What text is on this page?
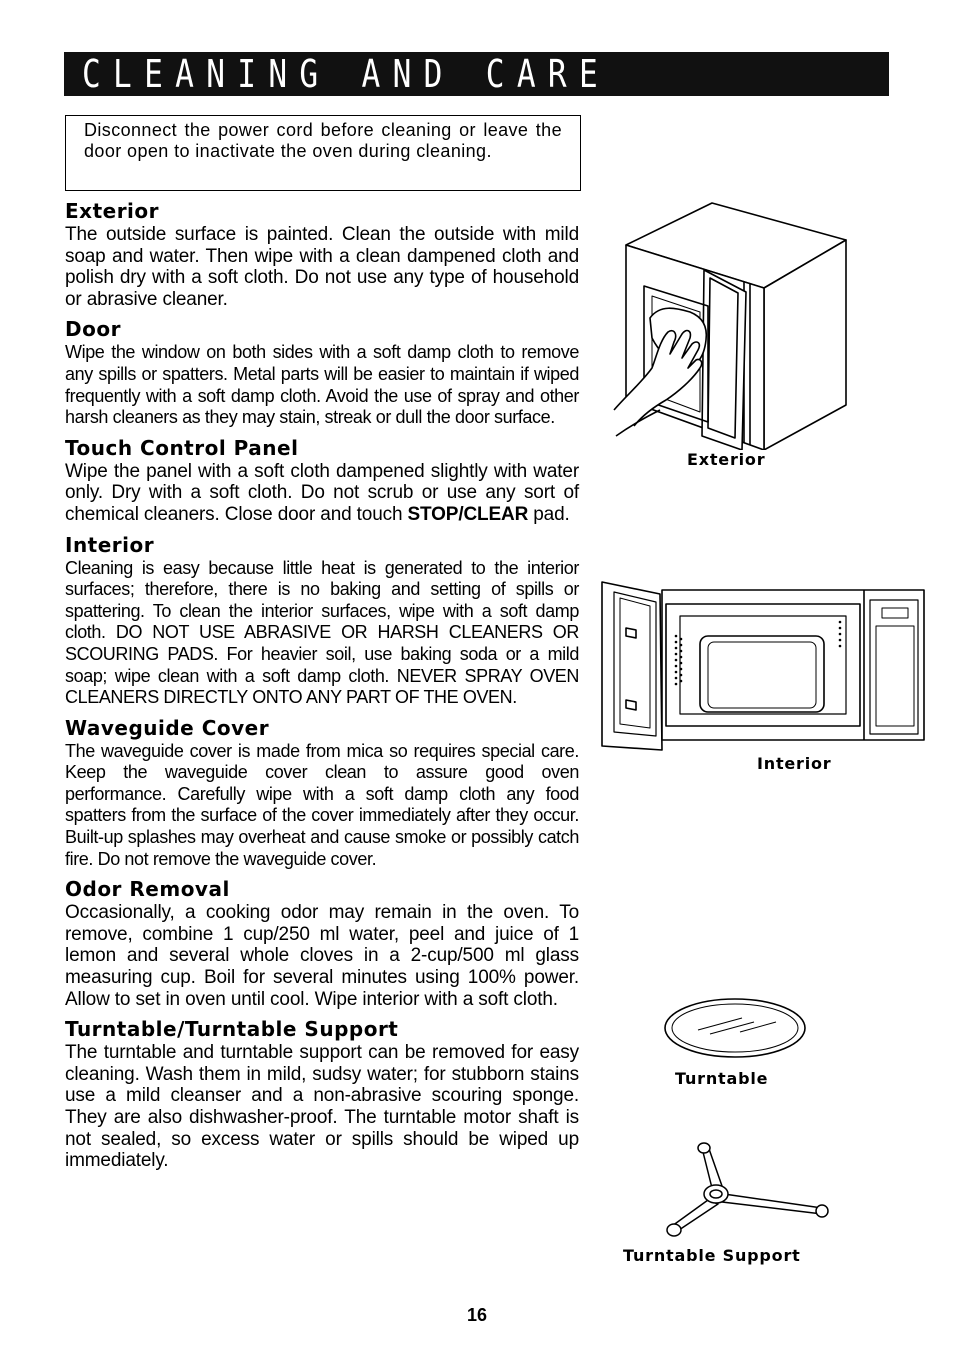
CLEANING AND CARE
Disconnect the power cord before cleaning or leave the door open to inactivate the oven during cleaning.
Exterior

The outside surface is painted. Clean the outside with mild soap and water. Then wipe with a clean dampened cloth and polish dry with a soft cloth. Do not use any type of household or abrasive cleaner.

Door

Wipe the window on both sides with a soft damp cloth to remove any spills or spatters. Metal parts will be easier to maintain if wiped frequently with a soft damp cloth. Avoid the use of spray and other harsh cleaners as they may stain, streak or dull the door surface.

Touch Control Panel

Wipe the panel with a soft cloth dampened slightly with water only. Dry with a soft cloth. Do not scrub or use any sort of chemical cleaners. Close door and touch STOP/CLEAR pad.

Interior

Cleaning is easy because little heat is generated to the interior surfaces; therefore, there is no baking and setting of spills or spattering. To clean the interior surfaces, wipe with a soft damp cloth. DO NOT USE ABRASIVE OR HARSH CLEANERS OR SCOURING PADS. For heavier soil, use baking soda or a mild soap; wipe clean with a soft damp cloth. NEVER SPRAY OVEN CLEANERS DIRECTLY ONTO ANY PART OF THE OVEN.

Waveguide Cover

The waveguide cover is made from mica so requires special care. Keep the waveguide cover clean to assure good oven performance. Carefully wipe with a soft damp cloth any food spatters from the surface of the cover immediately after they occur. Built-up splashes may overheat and cause smoke or possibly catch fire. Do not remove the waveguide cover.

Odor Removal

Occasionally, a cooking odor may remain in the oven. To remove, combine 1 cup/250 ml water, peel and juice of 1 lemon and several whole cloves in a 2-cup/500 ml glass measuring cup. Boil for several minutes using 100% power. Allow to set in oven until cool. Wipe interior with a soft cloth.

Turntable/Turntable Support

The turntable and turntable support can be removed for easy cleaning. Wash them in mild, sudsy water; for stubborn stains use a mild cleanser and a non-abrasive scouring sponge. They are also dishwasher-proof. The turntable motor shaft is not sealed, so excess water or spills should be wiped up immediately.

Exterior
Interior
Turntable
Turntable Support
16
